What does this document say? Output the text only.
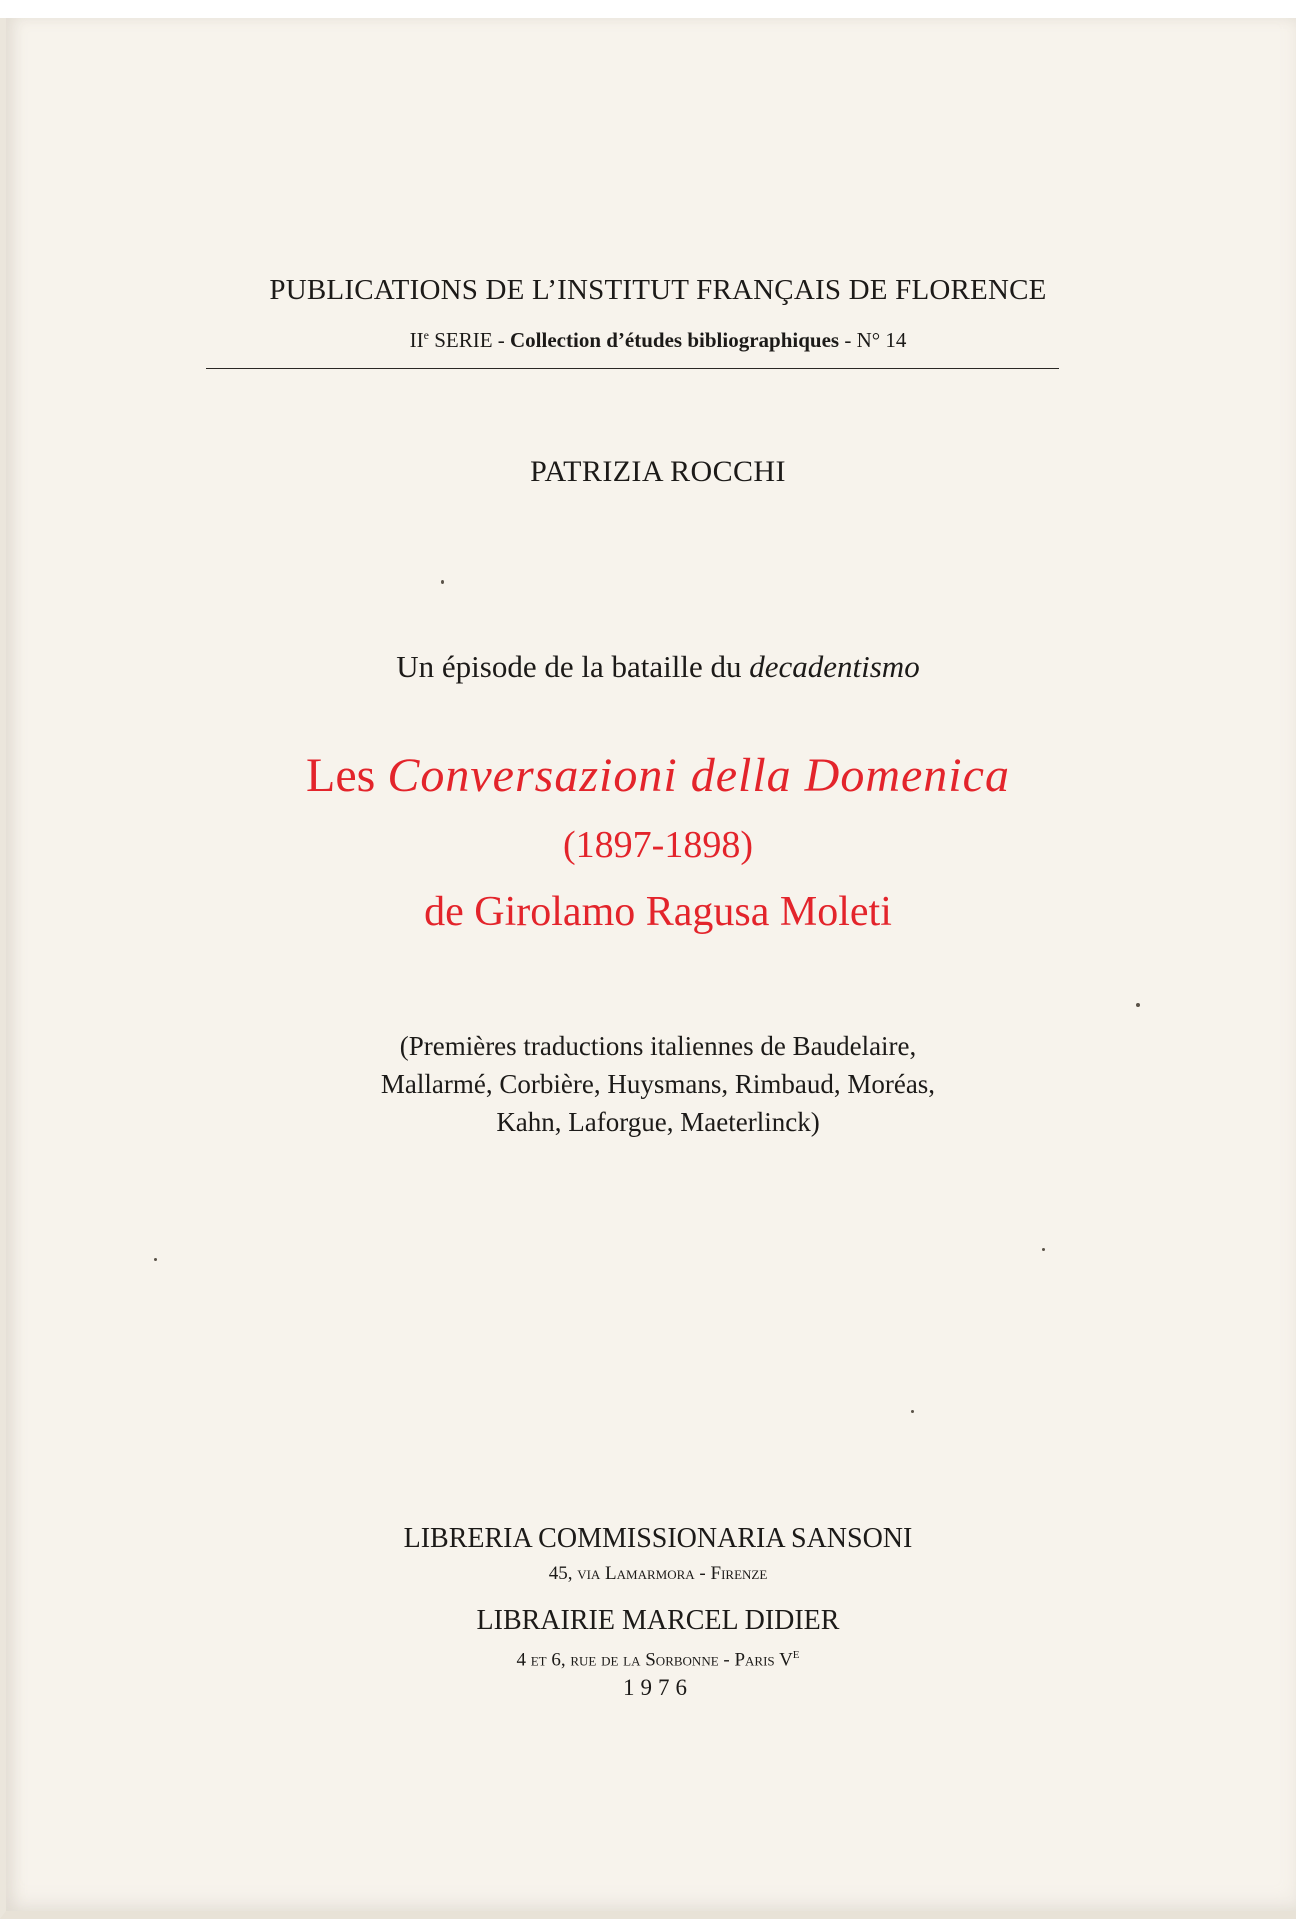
PUBLICATIONS DE L’INSTITUT FRANÇAIS DE FLORENCE
IIe SERIE - Collection d’études bibliographiques - N° 14
PATRIZIA ROCCHI
Un épisode de la bataille du decadentismo
Les Conversazioni della Domenica
(1897-1898)
de Girolamo Ragusa Moleti
(Premières traductions italiennes de Baudelaire,
Mallarmé, Corbière, Huysmans, Rimbaud, Moréas,
Kahn, Laforgue, Maeterlinck)
LIBRERIA COMMISSIONARIA SANSONI
45, via Lamarmora - Firenze
LIBRAIRIE MARCEL DIDIER
4 et 6, rue de la Sorbonne - Paris Ve
1976
